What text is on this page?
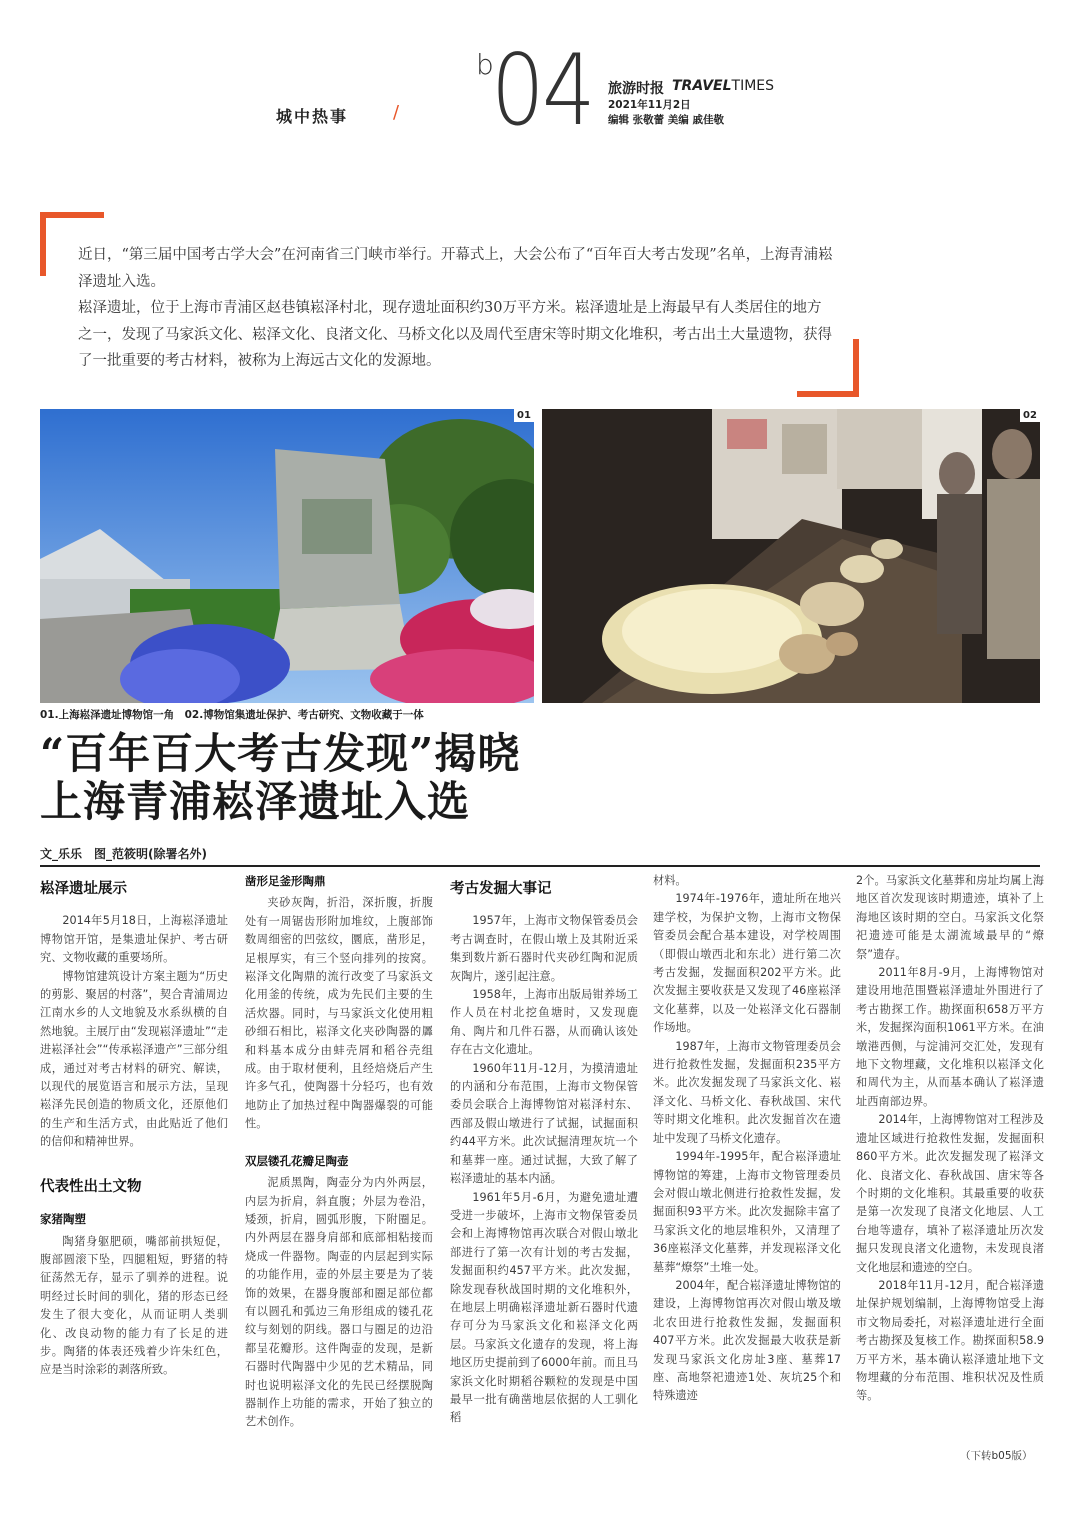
城中热事 /
b
04 旅游时报 TRAVELTIMES
2021年11月2日
编辑 张敬蕾 美编 戚佳敬

近日，“第三届中国考古学大会”在河南省三门峡市举行。开幕式上，大会公布了“百年百大考古发现”名单，上海青浦崧泽遗址入选。

崧泽遗址，位于上海市青浦区赵巷镇崧泽村北，现存遗址面积约30万平方米。崧泽遗址是上海最早有人类居住的地方之一，发现了马家浜文化、崧泽文化、良渚文化、马桥文化以及周代至唐宋等时期文化堆积，考古出土大量遗物，获得了一批重要的考古材料，被称为上海远古文化的发源地。

01	02
01.上海崧泽遗址博物馆一角　02.博物馆集遗址保护、考古研究、文物收藏于一体
“百年百大考古发现”揭晓
上海青浦崧泽遗址入选
文_乐乐　图_范筱明(除署名外)
崧泽遗址展示

2014年5月18日，上海崧泽遗址博物馆开馆，是集遗址保护、考古研究、文物收藏的重要场所。

博物馆建筑设计方案主题为“历史的剪影、聚居的村落”，契合青浦周边江南水乡的人文地貌及水系纵横的自然地貌。主展厅由“发现崧泽遗址”“走进崧泽社会”“传承崧泽遗产”三部分组成，通过对考古材料的研究、解读，以现代的展览语言和展示方法，呈现崧泽先民创造的物质文化，还原他们的生产和生活方式，由此贴近了他们的信仰和精神世界。

代表性出土文物
家猪陶塑

陶猪身躯肥硕，嘴部前拱短促，腹部圆滚下坠，四腿粗短，野猪的特征荡然无存，显示了驯养的进程。说明经过长时间的驯化，猪的形态已经发生了很大变化，从而证明人类驯化、改良动物的能力有了长足的进步。陶猪的体表还残着少许朱红色，应是当时涂彩的剥落所致。

凿形足釜形陶鼎

夹砂灰陶，折沿，深折腹，折腹处有一周锯齿形附加堆纹，上腹部饰数周细密的凹弦纹，圜底，凿形足，足根厚实，有三个竖向排列的按窝。崧泽文化陶鼎的流行改变了马家浜文化用釜的传统，成为先民们主要的生活炊器。同时，与马家浜文化使用粗砂细石相比，崧泽文化夹砂陶器的羼和料基本成分由蚌壳屑和稻谷壳组成。由于取材便利，且经焙烧后产生许多气孔，使陶器十分轻巧，也有效地防止了加热过程中陶器爆裂的可能性。

双层镂孔花瓣足陶壶

泥质黑陶，陶壶分为内外两层，内层为折肩，斜直腹；外层为卷沿，矮颈，折肩，圆弧形腹，下附圈足。内外两层在器身肩部和底部相粘接而烧成一件器物。陶壶的内层起到实际的功能作用，壶的外层主要是为了装饰的效果，在器身腹部和圈足部位都有以圆孔和弧边三角形组成的镂孔花纹与刻划的阴线。器口与圈足的边沿都呈花瓣形。这件陶壶的发现，是新石器时代陶器中少见的艺术精品，同时也说明崧泽文化的先民已经摆脱陶器制作上功能的需求，开始了独立的艺术创作。

考古发掘大事记

1957年，上海市文物保管委员会考古调查时，在假山墩上及其附近采集到数片新石器时代夹砂红陶和泥质灰陶片，遂引起注意。

1958年，上海市出版局钳养场工作人员在村北挖鱼塘时，又发现鹿角、陶片和几件石器，从而确认该处存在古文化遗址。

1960年11月-12月，为摸清遗址的内涵和分布范围，上海市文物保管委员会联合上海博物馆对崧泽村东、西部及假山墩进行了试掘，试掘面积约44平方米。此次试掘清理灰坑一个和墓葬一座。通过试掘，大致了解了崧泽遗址的基本内涵。

1961年5月-6月，为避免遗址遭受进一步破坏，上海市文物保管委员会和上海博物馆再次联合对假山墩北部进行了第一次有计划的考古发掘，发掘面积约457平方米。此次发掘，除发现春秋战国时期的文化堆积外，在地层上明确崧泽遗址新石器时代遗存可分为马家浜文化和崧泽文化两层。马家浜文化遗存的发现，将上海地区历史提前到了6000年前。而且马家浜文化时期稻谷颗粒的发现是中国最早一批有确凿地层依据的人工驯化稻

材料。

1974年-1976年，遗址所在地兴建学校，为保护文物，上海市文物保管委员会配合基本建设，对学校周围（即假山墩西北和东北）进行第二次考古发掘，发掘面积202平方米。此次发掘主要收获是又发现了46座崧泽文化墓葬，以及一处崧泽文化石器制作场地。

1987年，上海市文物管理委员会进行抢救性发掘，发掘面积235平方米。此次发掘发现了马家浜文化、崧泽文化、马桥文化、春秋战国、宋代等时期文化堆积。此次发掘首次在遗址中发现了马桥文化遗存。

1994年-1995年，配合崧泽遗址博物馆的筹建，上海市文物管理委员会对假山墩北侧进行抢救性发掘，发掘面积93平方米。此次发掘除丰富了马家浜文化的地层堆积外，又清理了36座崧泽文化墓葬，并发现崧泽文化墓葬“燎祭”土堆一处。

2004年，配合崧泽遗址博物馆的建设，上海博物馆再次对假山墩及墩北农田进行抢救性发掘，发掘面积407平方米。此次发掘最大收获是新发现马家浜文化房址3座、墓葬17座、高地祭祀遗迹1处、灰坑25个和特殊遗迹

2个。马家浜文化墓葬和房址均属上海地区首次发现该时期遗迹，填补了上海地区该时期的空白。马家浜文化祭祀遗迹可能是太湖流域最早的“燎祭”遗存。

2011年8月-9月，上海博物馆对建设用地范围暨崧泽遗址外围进行了考古勘探工作。勘探面积658万平方米，发掘探沟面积1061平方米。在油墩港西侧，与淀浦河交汇处，发现有地下文物埋藏，文化堆积以崧泽文化和周代为主，从而基本确认了崧泽遗址西南部边界。

2014年，上海博物馆对工程涉及遗址区域进行抢救性发掘，发掘面积860平方米。此次发掘发现了崧泽文化、良渚文化、春秋战国、唐宋等各个时期的文化堆积。其最重要的收获是第一次发现了良渚文化地层、人工台地等遗存，填补了崧泽遗址历次发掘只发现良渚文化遗物，未发现良渚文化地层和遗迹的空白。

2018年11月-12月，配合崧泽遗址保护规划编制，上海博物馆受上海市文物局委托，对崧泽遗址进行全面考古勘探及复核工作。勘探面积58.9万平方米，基本确认崧泽遗址地下文物埋藏的分布范围、堆积状况及性质等。

（下转b05版）
